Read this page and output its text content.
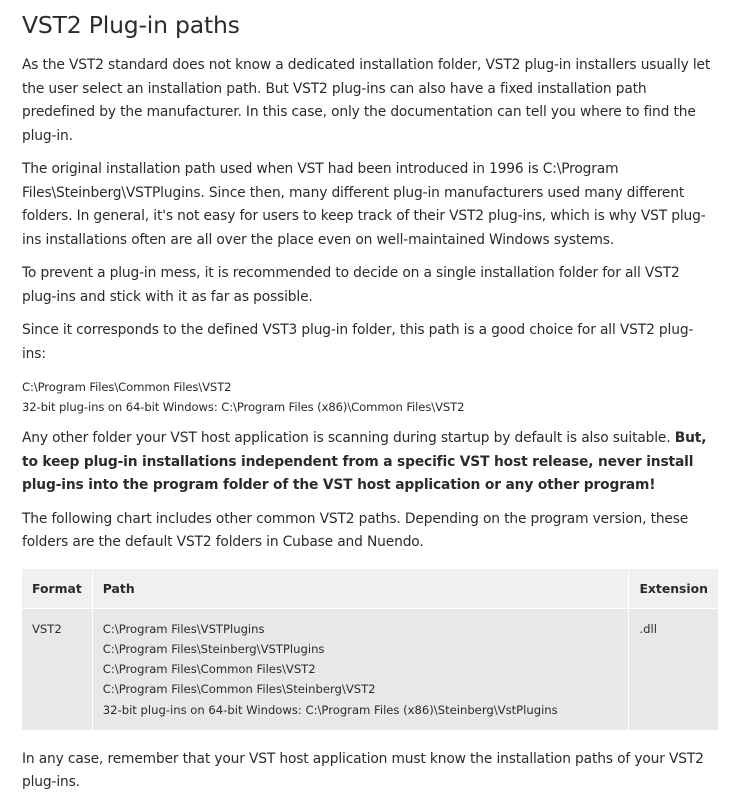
VST2 Plug-in paths

As the VST2 standard does not know a dedicated installation folder, VST2 plug-in installers usually let the user select an installation path. But VST2 plug-ins can also have a fixed installation path predefined by the manufacturer. In this case, only the documentation can tell you where to find the plug-in.

The original installation path used when VST had been introduced in 1996 is C:\Program Files\Steinberg\VSTPlugins. Since then, many different plug-in manufacturers used many different folders. In general, it's not easy for users to keep track of their VST2 plug-ins, which is why VST plug-ins installations often are all over the place even on well-maintained Windows systems.

To prevent a plug-in mess, it is recommended to decide on a single installation folder for all VST2 plug-ins and stick with it as far as possible.

Since it corresponds to the defined VST3 plug-in folder, this path is a good choice for all VST2 plug-ins:

C:\Program Files\Common Files\VST2
32-bit plug-ins on 64-bit Windows: C:\Program Files (x86)\Common Files\VST2

Any other folder your VST host application is scanning during startup by default is also suitable. But, to keep plug-in installations independent from a specific VST host release, never install plug-ins into the program folder of the VST host application or any other program!

The following chart includes other common VST2 paths. Depending on the program version, these folders are the default VST2 folders in Cubase and Nuendo.

Format	Path	Extension
VST2	C:\Program Files\VSTPlugins
C:\Program Files\Steinberg\VSTPlugins
C:\Program Files\Common Files\VST2
C:\Program Files\Common Files\Steinberg\VST2
32-bit plug-ins on 64-bit Windows: C:\Program Files (x86)\Steinberg\VstPlugins	.dll

In any case, remember that your VST host application must know the installation paths of your VST2 plug-ins.
